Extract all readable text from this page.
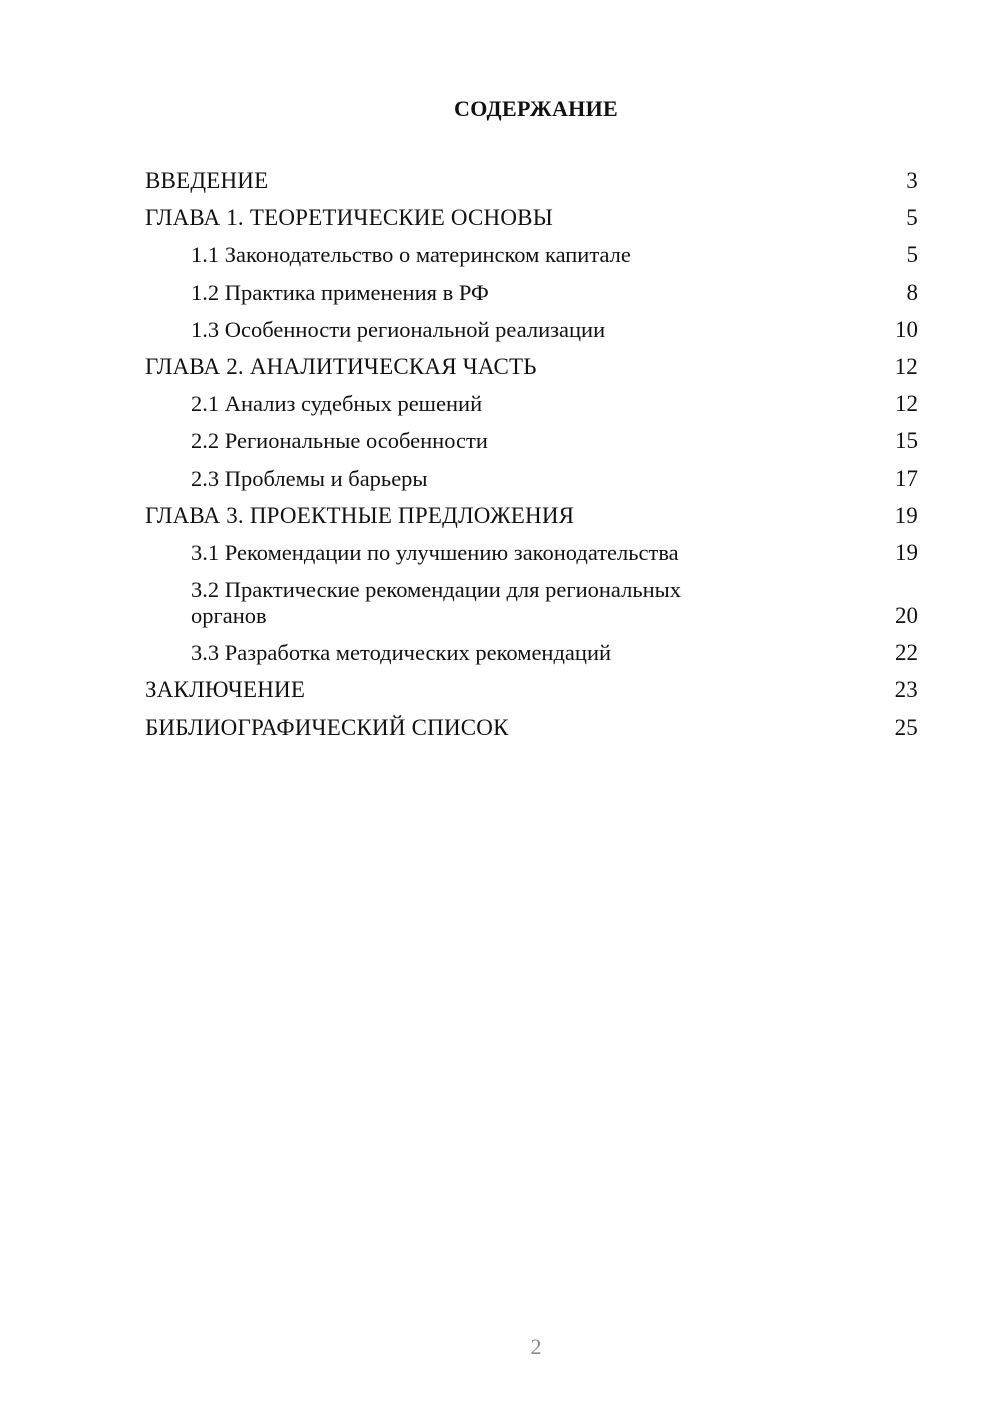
СОДЕРЖАНИЕ
ВВЕДЕНИЕ	3
ГЛАВА 1. ТЕОРЕТИЧЕСКИЕ ОСНОВЫ	5
1.1 Законодательство о материнском капитале	5
1.2 Практика применения в РФ	8
1.3 Особенности региональной реализации	10
ГЛАВА 2. АНАЛИТИЧЕСКАЯ ЧАСТЬ	12
2.1 Анализ судебных решений	12
2.2 Региональные особенности	15
2.3 Проблемы и барьеры	17
ГЛАВА 3. ПРОЕКТНЫЕ ПРЕДЛОЖЕНИЯ	19
3.1 Рекомендации по улучшению законодательства	19
3.2 Практические рекомендации для региональных органов	20
3.3 Разработка методических рекомендаций	22
ЗАКЛЮЧЕНИЕ	23
БИБЛИОГРАФИЧЕСКИЙ СПИСОК	25
2
